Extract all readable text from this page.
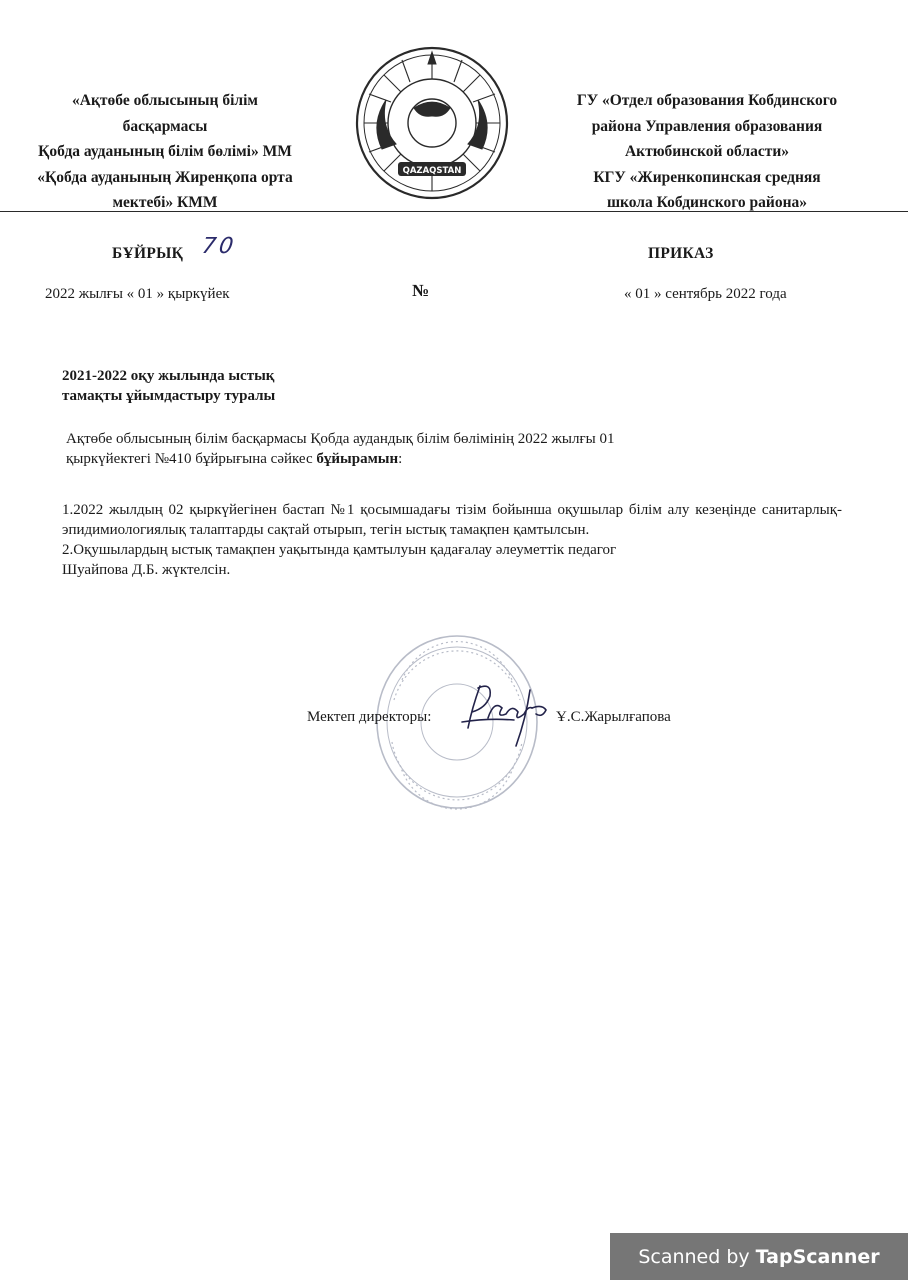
«Ақтөбе облысының білім
басқармасы
Қобда ауданының білім бөлімі» ММ
«Қобда ауданының Жиренқопа орта
мектебі» КММ
QAZAQSTAN
ГУ «Отдел образования Кобдинского
района Управления образования
Актюбинской области»
КГУ «Жиренкопинская средняя
школа Кобдинского района»
БҰЙРЫҚ 70	ПРИКАЗ
№
2022 жылғы « 01 » қыркүйек	« 01 » сентябрь 2022 года
2021-2022 оқу жылында ыстық
тамақты ұйымдастыру туралы
Ақтөбе облысының білім басқармасы Қобда аудандық білім бөлімінің 2022 жылғы 01
қыркүйектегі №410 бұйрығына сәйкес бұйырамын:
1.2022 жылдың 02 қыркүйегінен бастап №1 қосымшадағы тізім бойынша оқушылар білім алу кезеңінде санитарлық-эпидимиологиялық талаптарды сақтай отырып, тегін ыстық тамақпен қамтылсын.
2.Оқушылардың ыстық тамақпен уақытында қамтылуын қадағалау әлеуметтік педагог
Шуайпова Д.Б. жүктелсін.
Мектеп директоры:	Ұ.С.Жарылғапова
Scanned by TapScanner
